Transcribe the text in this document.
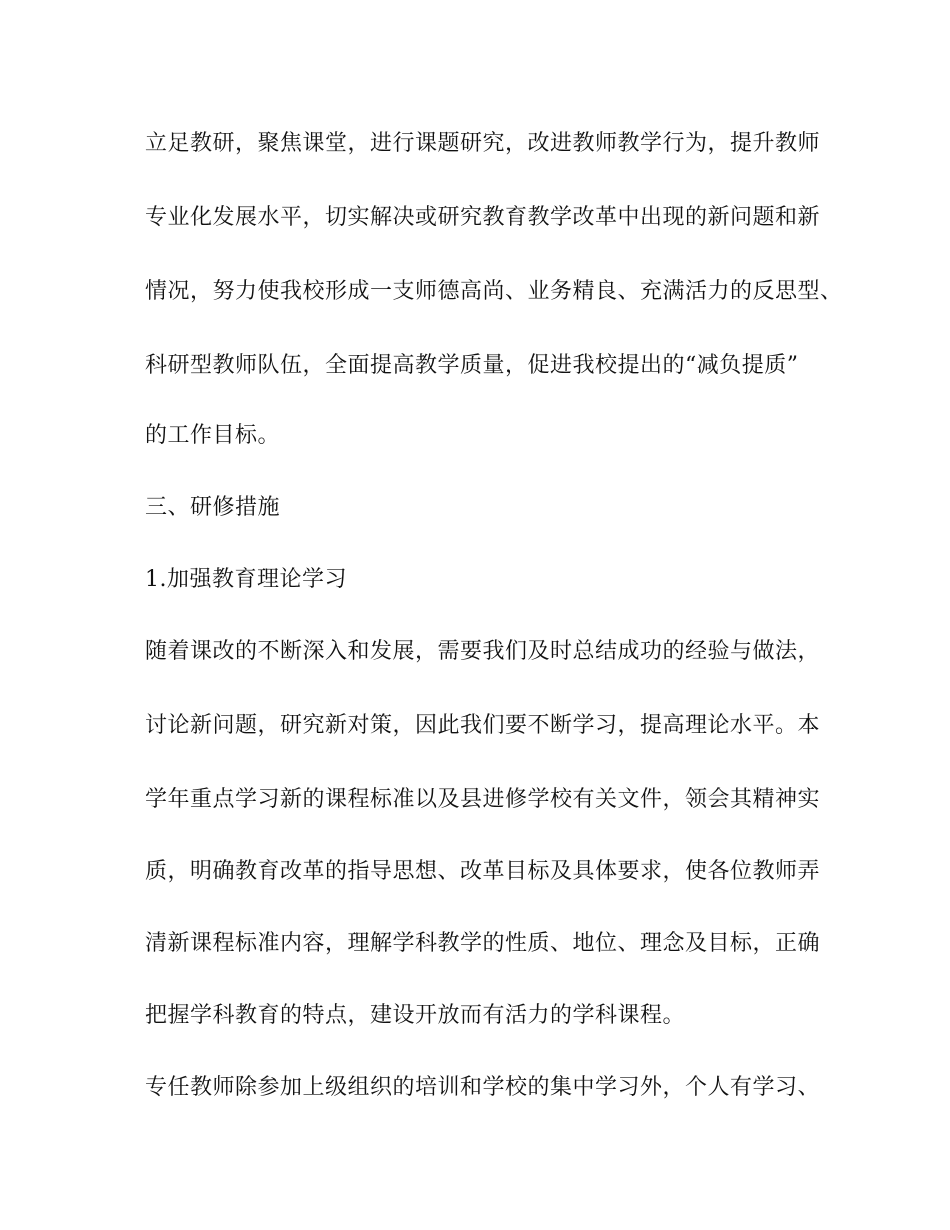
立足教研，聚焦课堂，进行课题研究，改进教师教学行为，提升教师

专业化发展水平，切实解决或研究教育教学改革中出现的新问题和新

情况，努力使我校形成一支师德高尚、业务精良、充满活力的反思型、

科研型教师队伍，全面提高教学质量，促进我校提出的“减负提质”

的工作目标。

三、研修措施

1.加强教育理论学习

随着课改的不断深入和发展，需要我们及时总结成功的经验与做法，

讨论新问题，研究新对策，因此我们要不断学习，提高理论水平。本

学年重点学习新的课程标准以及县进修学校有关文件，领会其精神实

质，明确教育改革的指导思想、改革目标及具体要求，使各位教师弄

清新课程标准内容，理解学科教学的性质、地位、理念及目标，正确

把握学科教育的特点，建设开放而有活力的学科课程。

专任教师除参加上级组织的培训和学校的集中学习外，个人有学习、
